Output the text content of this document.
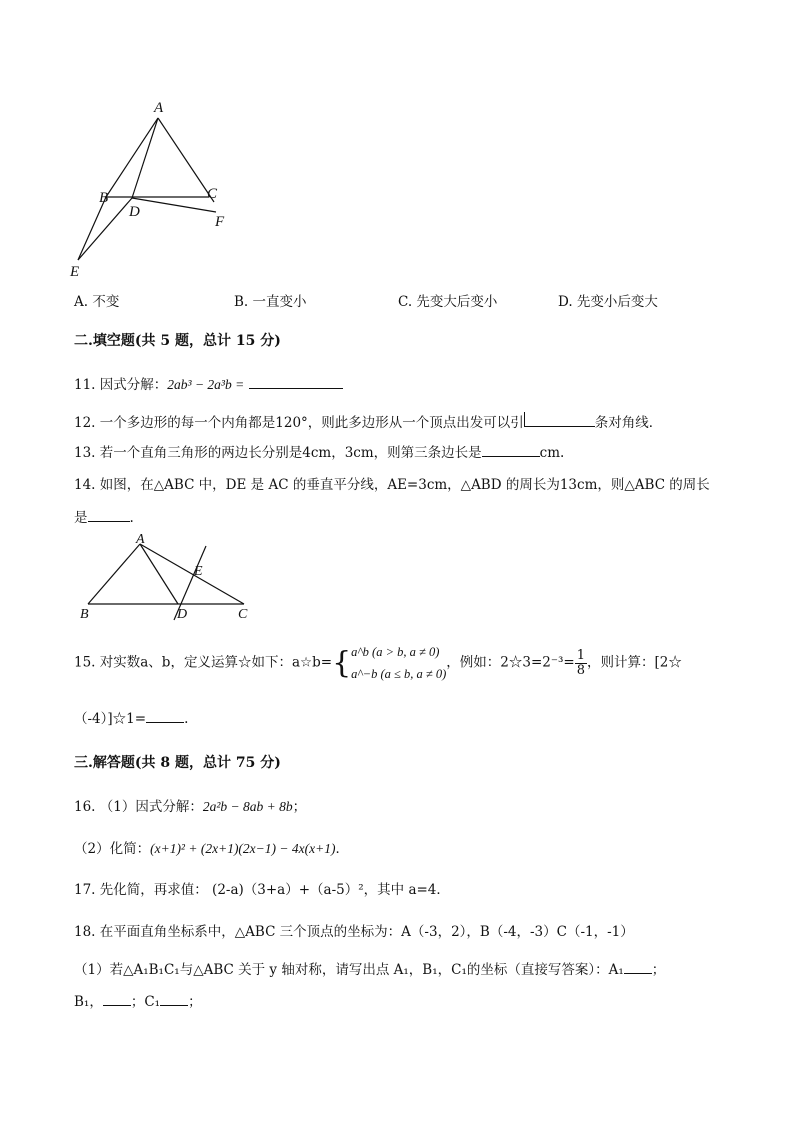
A
B	C
D
F
E
A. 不变	B. 一直变小	C. 先变大后变小	D. 先变小后变大
二.填空题(共 5 题，总计 15 分)
11. 因式分解：2ab³ − 2a³b =
12. 一个多边形的每一个内角都是120°，则此多边形从一个顶点出发可以引	条对角线．
13. 若一个直角三角形的两边长分别是4cm，3cm，则第三条边长是	cm.
14. 如图，在△ABC 中，DE 是 AC 的垂直平分线，AE=3cm，△ABD 的周长为13cm，则△ABC 的周长
是	.
A
E
B	D	C
15. 对实数a、b，定义运算☆如下：a☆b={ a^b (a > b, a ≠ 0)
a^−b (a ≤ b, a ≠ 0)
，例如：2☆3=2⁻³= $\frac{1}{8}$ ，则计算：[2☆
（-4）]☆1=	.
三.解答题(共 8 题，总计 75 分)
16. （1）因式分解：2a²b − 8ab + 8b；
（2）化简：(x+1)² + (2x+1)(2x−1) − 4x(x+1)．
17. 先化简，再求值： (2-a)（3+a）+（a-5）²，其中 a=4．
18. 在平面直角坐标系中，△ABC 三个顶点的坐标为：A（-3，2），B（-4，-3）C（-1，-1）
（1）若△A₁B₁C₁与△ABC 关于 y 轴对称，请写出点 A₁，B₁，C₁的坐标（直接写答案）：A₁ ；
B₁， ；C₁ ；
